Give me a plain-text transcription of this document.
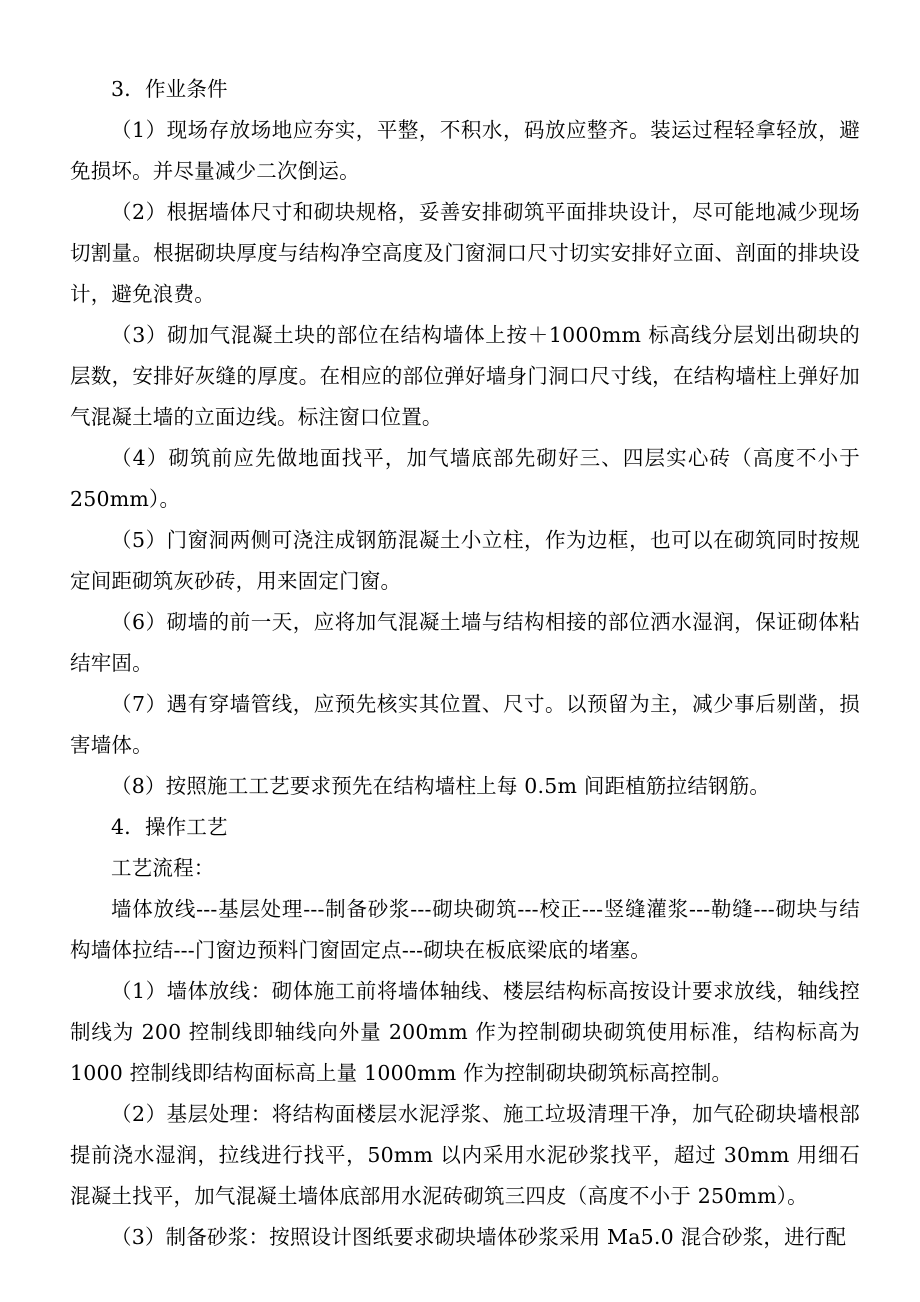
3．作业条件

（1）现场存放场地应夯实，平整，不积水，码放应整齐。装运过程轻拿轻放，避免损坏。并尽量减少二次倒运。

（2）根据墙体尺寸和砌块规格，妥善安排砌筑平面排块设计，尽可能地减少现场切割量。根据砌块厚度与结构净空高度及门窗洞口尺寸切实安排好立面、剖面的排块设计，避免浪费。

（3）砌加气混凝土块的部位在结构墙体上按＋1000mm 标高线分层划出砌块的层数，安排好灰缝的厚度。在相应的部位弹好墙身门洞口尺寸线，在结构墙柱上弹好加气混凝土墙的立面边线。标注窗口位置。

（4）砌筑前应先做地面找平，加气墙底部先砌好三、四层实心砖（高度不小于250mm）。

（5）门窗洞两侧可浇注成钢筋混凝土小立柱，作为边框，也可以在砌筑同时按规定间距砌筑灰砂砖，用来固定门窗。

（6）砌墙的前一天，应将加气混凝土墙与结构相接的部位洒水湿润，保证砌体粘结牢固。

（7）遇有穿墙管线，应预先核实其位置、尺寸。以预留为主，减少事后剔凿，损害墙体。

（8）按照施工工艺要求预先在结构墙柱上每 0.5m 间距植筋拉结钢筋。

4．操作工艺

工艺流程：

墙体放线---基层处理---制备砂浆---砌块砌筑---校正---竖缝灌浆---勒缝---砌块与结构墙体拉结---门窗边预料门窗固定点---砌块在板底梁底的堵塞。

（1）墙体放线：砌体施工前将墙体轴线、楼层结构标高按设计要求放线，轴线控制线为 200 控制线即轴线向外量 200mm 作为控制砌块砌筑使用标准，结构标高为1000 控制线即结构面标高上量 1000mm 作为控制砌块砌筑标高控制。

（2）基层处理：将结构面楼层水泥浮浆、施工垃圾清理干净，加气砼砌块墙根部提前浇水湿润，拉线进行找平，50mm 以内采用水泥砂浆找平，超过 30mm 用细石混凝土找平，加气混凝土墙体底部用水泥砖砌筑三四皮（高度不小于 250mm）。

（3）制备砂浆：按照设计图纸要求砌块墙体砂浆采用 Ma5.0 混合砂浆，进行配
